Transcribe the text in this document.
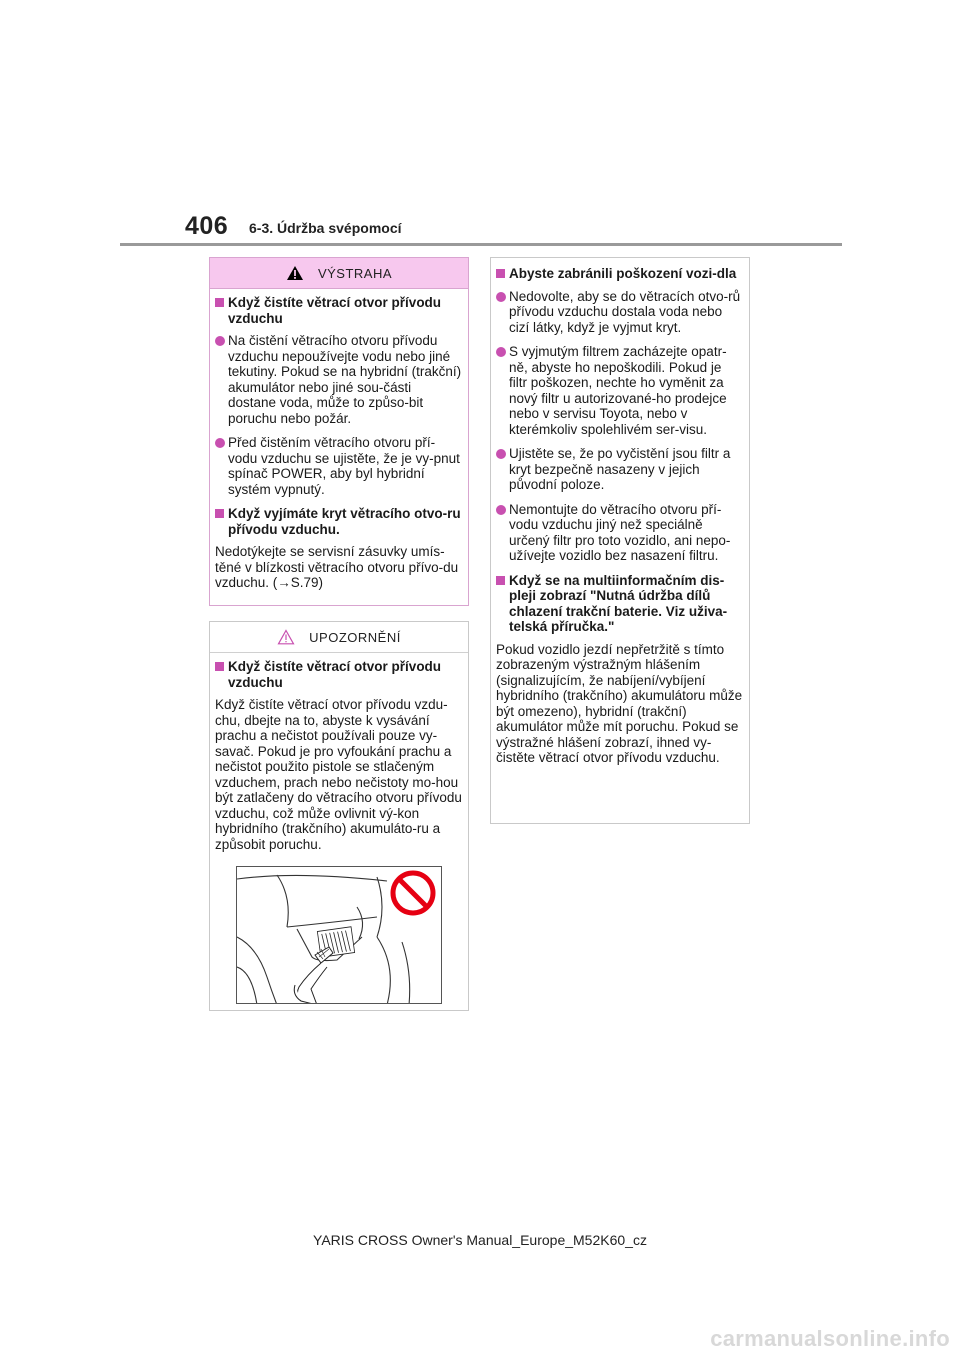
406 6-3. Údržba svépomocí
VÝSTRAHA
Když čistíte větrací otvor přívodu vzduchu
Na čistění větracího otvoru přívodu vzduchu nepoužívejte vodu nebo jiné tekutiny. Pokud se na hybridní (trakční) akumulátor nebo jiné sou-části dostane voda, může to způso-bit poruchu nebo požár.
Před čistěním větracího otvoru pří-vodu vzduchu se ujistěte, že je vy-pnut spínač POWER, aby byl hybridní systém vypnutý.
Když vyjímáte kryt větracího otvo-ru přívodu vzduchu.
Nedotýkejte se servisní zásuvky umís-těné v blízkosti větracího otvoru přívo-du vzduchu. (→S.79)
UPOZORNĚNÍ
Když čistíte větrací otvor přívodu vzduchu
Když čistíte větrací otvor přívodu vzdu-chu, dbejte na to, abyste k vysávání prachu a nečistot používali pouze vy-savač. Pokud je pro vyfoukání prachu a nečistot použito pistole se stlačeným vzduchem, prach nebo nečistoty mo-hou být zatlačeny do větracího otvoru přívodu vzduchu, což může ovlivnit vý-kon hybridního (trakčního) akumuláto-ru a způsobit poruchu.
Abyste zabránili poškození vozi-dla
Nedovolte, aby se do větracích otvo-rů přívodu vzduchu dostala voda nebo cizí látky, když je vyjmut kryt.
S vyjmutým filtrem zacházejte opatr-ně, abyste ho nepoškodili. Pokud je filtr poškozen, nechte ho vyměnit za nový filtr u autorizované-ho prodejce nebo v servisu Toyota, nebo v kterémkoliv spolehlivém ser-visu.
Ujistěte se, že po vyčistění jsou filtr a kryt bezpečně nasazeny v jejich původní poloze.
Nemontujte do větracího otvoru pří-vodu vzduchu jiný než speciálně určený filtr pro toto vozidlo, ani nepo-užívejte vozidlo bez nasazení filtru.
Když se na multiinformačním dis-pleji zobrazí "Nutná údržba dílů chlazení trakční baterie. Viz uživa-telská příručka."
Pokud vozidlo jezdí nepřetržitě s tímto zobrazeným výstražným hlášením (signalizujícím, že nabíjení/vybíjení hybridního (trakčního) akumulátoru může být omezeno), hybridní (trakční) akumulátor může mít poruchu. Pokud se výstražné hlášení zobrazí, ihned vy-čistěte větrací otvor přívodu vzduchu.
YARIS CROSS Owner's Manual_Europe_M52K60_cz
carmanualsonline.info
